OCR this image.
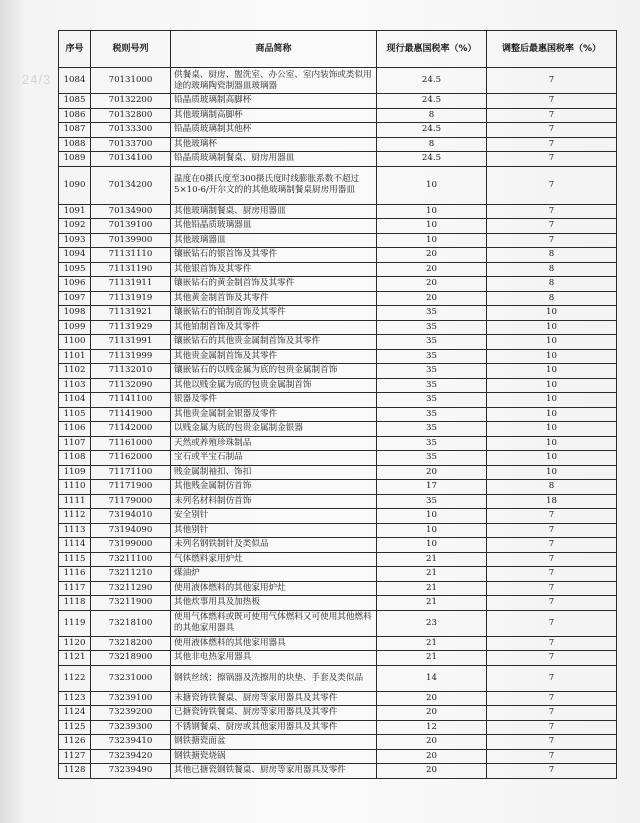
24/3
序号	税则号列	商品简称	现行最惠国税率（%）	调整后最惠国税率（%）
1084	70131000	供餐桌、厨房、盥洗室、办公室、室内装饰或类似用途的玻璃陶瓷制器皿玻璃器	24.5	7
1085	70132200	铅晶质玻璃制高脚杯	24.5	7
1086	70132800	其他玻璃制高脚杯	8	7
1087	70133300	铅晶质玻璃制其他杯	24.5	7
1088	70133700	其他玻璃杯	8	7
1089	70134100	铅晶质玻璃制餐桌、厨房用器皿	24.5	7
1090	70134200	温度在0摄氏度至300摄氏度时线膨胀系数不超过5×10-6/开尔文的的其他玻璃制餐桌厨房用器皿	10	7
1091	70134900	其他玻璃制餐桌、厨房用器皿	10	7
1092	70139100	其他铅晶质玻璃器皿	10	7
1093	70139900	其他玻璃器皿	10	7
1094	71131110	镶嵌钻石的银首饰及其零件	20	8
1095	71131190	其他银首饰及其零件	20	8
1096	71131911	镶嵌钻石的黄金制首饰及其零件	20	8
1097	71131919	其他黄金制首饰及其零件	20	8
1098	71131921	镶嵌钻石的铂制首饰及其零件	35	10
1099	71131929	其他铂制首饰及其零件	35	10
1100	71131991	镶嵌钻石的其他贵金属制首饰及其零件	35	10
1101	71131999	其他贵金属制首饰及其零件	35	10
1102	71132010	镶嵌钻石的以贱金属为底的包贵金属制首饰	35	10
1103	71132090	其他以贱金属为底的包贵金属制首饰	35	10
1104	71141100	银器及零件	35	10
1105	71141900	其他贵金属制金银器及零件	35	10
1106	71142000	以贱金属为底的包贵金属制金银器	35	10
1107	71161000	天然或养殖珍珠制品	35	10
1108	71162000	宝石或半宝石制品	35	10
1109	71171100	贱金属制袖扣、饰扣	20	10
1110	71171900	其他贱金属制仿首饰	17	8
1111	71179000	未列名材料制仿首饰	35	18
1112	73194010	安全别针	10	7
1113	73194090	其他别针	10	7
1114	73199000	未列名钢铁制针及类似品	10	7
1115	73211100	气体燃料家用炉灶	21	7
1116	73211210	煤油炉	21	7
1117	73211290	使用液体燃料的其他家用炉灶	21	7
1118	73211900	其他炊事用具及加热板	21	7
1119	73218100	使用气体燃料或既可使用气体燃料又可使用其他燃料的其他家用器具	23	7
1120	73218200	使用液体燃料的其他家用器具	21	7
1121	73218900	其他非电热家用器具	21	7
1122	73231000	钢铁丝绒；擦锅器及洗擦用的块垫、手套及类似品	14	7
1123	73239100	未搪瓷铸铁餐桌、厨房等家用器具及其零件	20	7
1124	73239200	已搪瓷铸铁餐桌、厨房等家用器具及其零件	20	7
1125	73239300	不锈钢餐桌、厨房或其他家用器具及其零件	12	7
1126	73239410	钢铁搪瓷面盆	20	7
1127	73239420	钢铁搪瓷烧锅	20	7
1128	73239490	其他已搪瓷钢铁餐桌、厨房等家用器具及零件	20	7
